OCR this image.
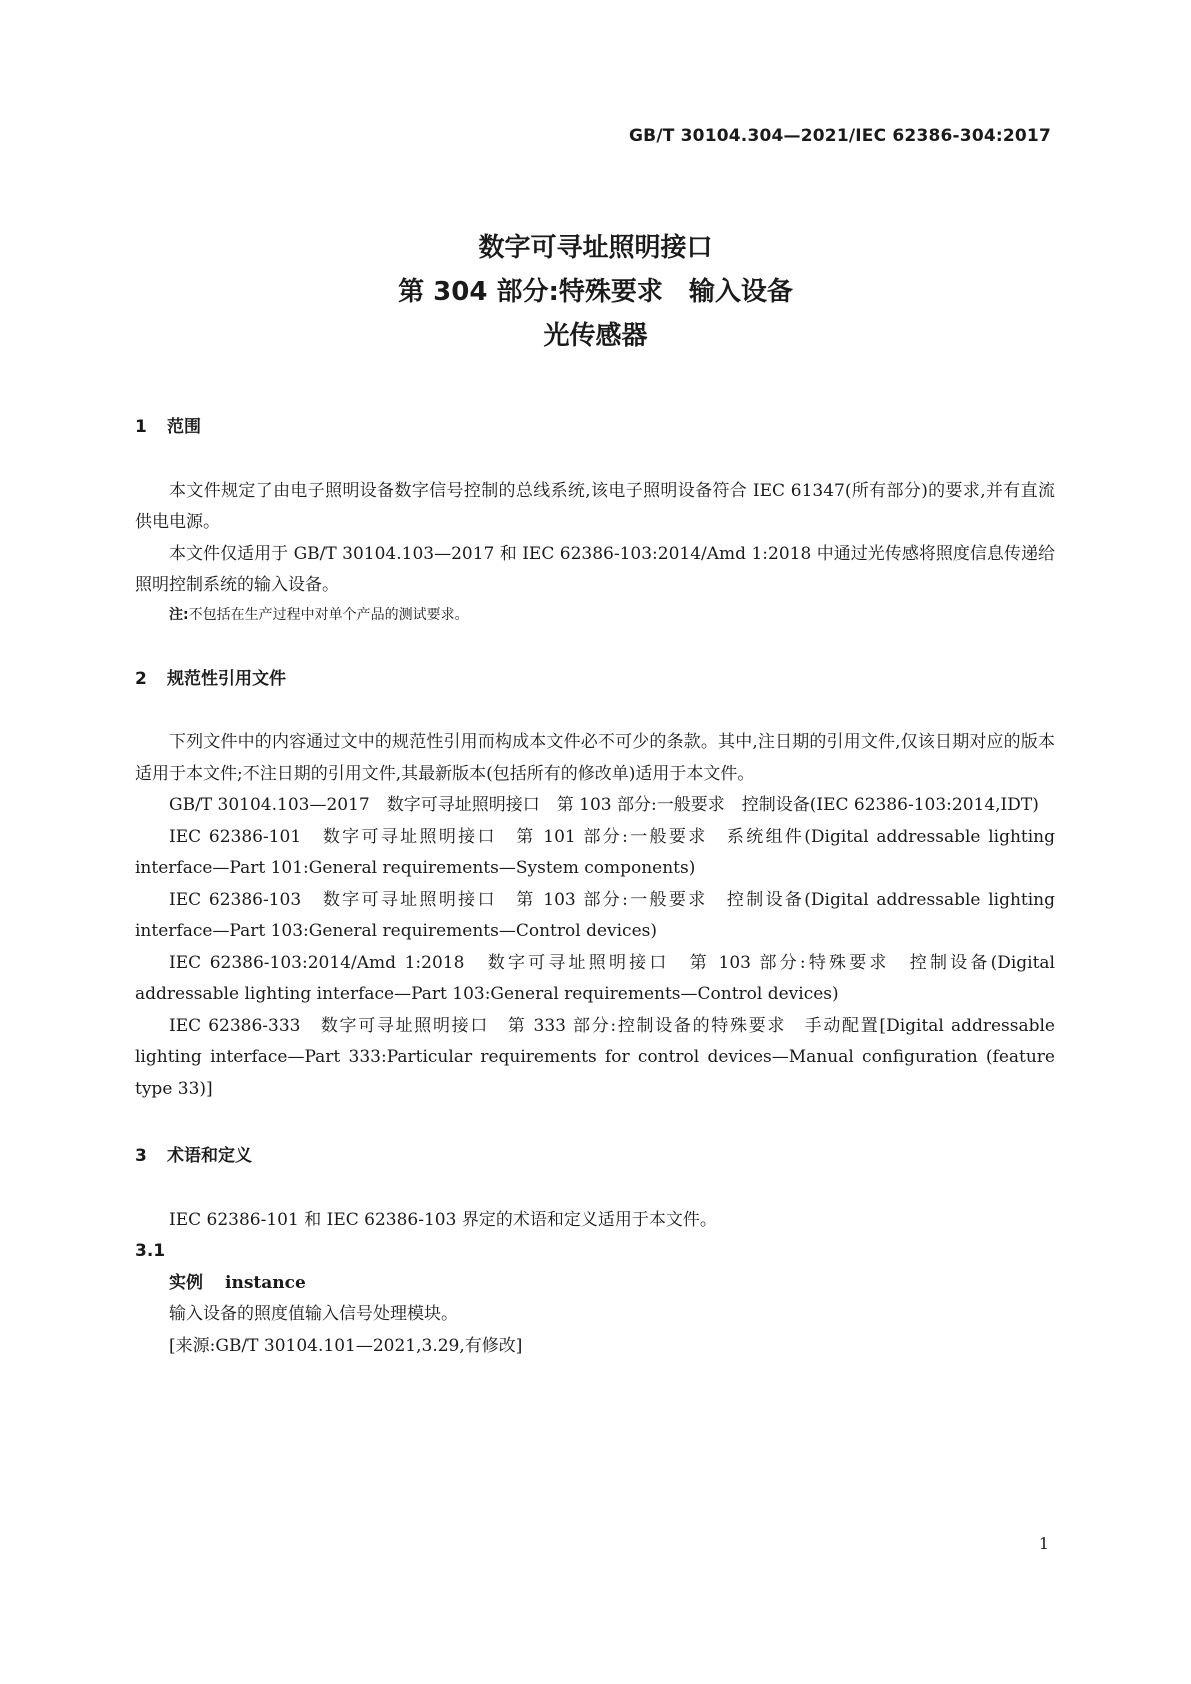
GB/T 30104.304—2021/IEC 62386-304:2017
数字可寻址照明接口
第 304 部分:特殊要求　输入设备
光传感器
1 范围

本文件规定了由电子照明设备数字信号控制的总线系统,该电子照明设备符合 IEC 61347(所有部分)的要求,并有直流供电电源。

本文件仅适用于 GB/T 30104.103—2017 和 IEC 62386-103:2014/Amd 1:2018 中通过光传感将照度信息传递给照明控制系统的输入设备。

注:不包括在生产过程中对单个产品的测试要求。

2 规范性引用文件

下列文件中的内容通过文中的规范性引用而构成本文件必不可少的条款。其中,注日期的引用文件,仅该日期对应的版本适用于本文件;不注日期的引用文件,其最新版本(包括所有的修改单)适用于本文件。

GB/T 30104.103—2017　数字可寻址照明接口　第 103 部分:一般要求　控制设备(IEC 62386-103:2014,IDT)

IEC 62386-101　数字可寻址照明接口　第 101 部分:一般要求　系统组件(Digital addressable lighting interface—Part 101:General requirements—System components)

IEC 62386-103　数字可寻址照明接口　第 103 部分:一般要求　控制设备(Digital addressable lighting interface—Part 103:General requirements—Control devices)

IEC 62386-103:2014/Amd 1:2018　数字可寻址照明接口　第 103 部分:特殊要求　控制设备(Digital addressable lighting interface—Part 103:General requirements—Control devices)

IEC 62386-333　数字可寻址照明接口　第 333 部分:控制设备的特殊要求　手动配置[Digital addressable lighting interface—Part 333:Particular requirements for control devices—Manual configuration (feature type 33)]

3 术语和定义

IEC 62386-101 和 IEC 62386-103 界定的术语和定义适用于本文件。

3.1
实例 instance
输入设备的照度值输入信号处理模块。
[来源:GB/T 30104.101—2021,3.29,有修改]
1
